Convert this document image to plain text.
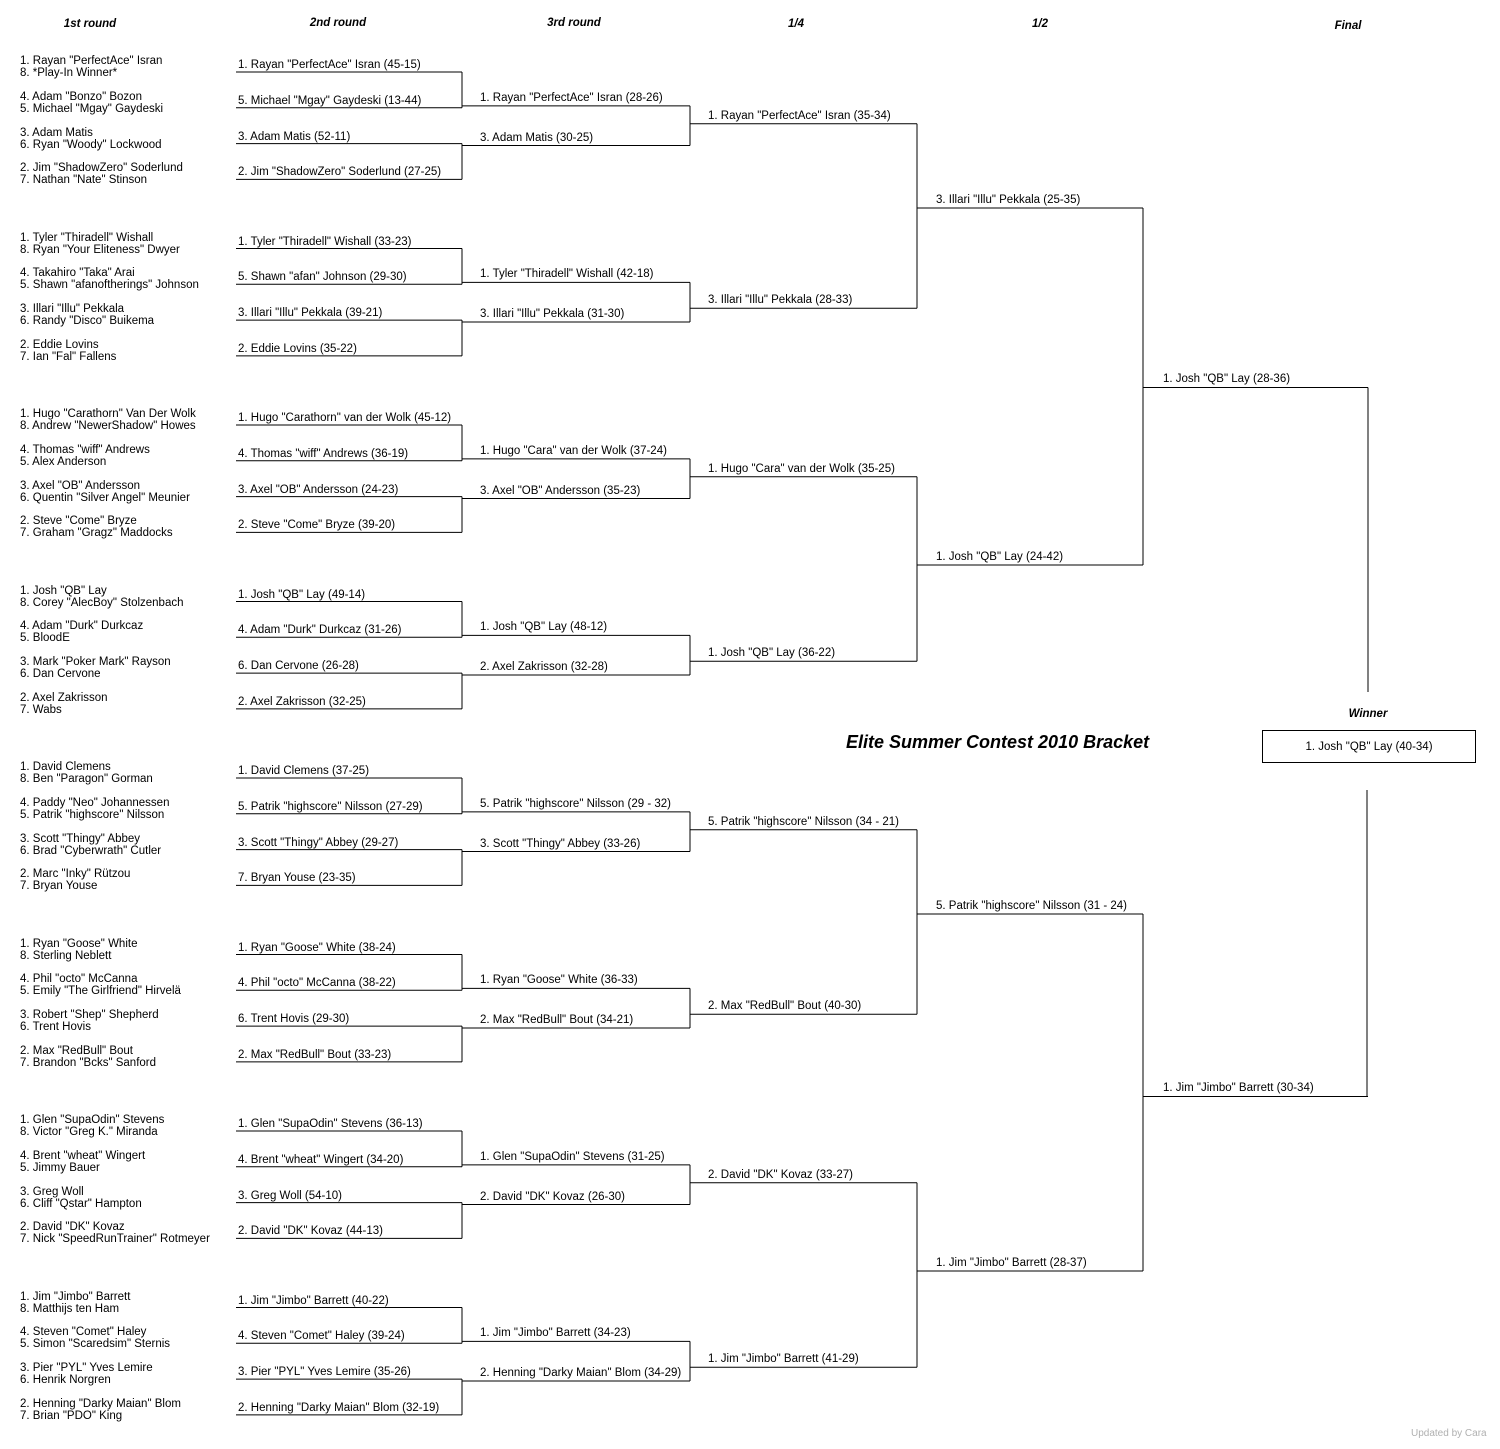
1st round	2nd round	3rd round	1/4	1/2	Final
Elite Summer Contest 2010 Bracket
Winner
1. Josh "QB" Lay (40-34)
Updated by Cara
1. Rayan "PerfectAce" Isran
8. *Play-In Winner*
4. Adam "Bonzo" Bozon
5. Michael "Mgay" Gaydeski
3. Adam Matis
6. Ryan "Woody" Lockwood
2. Jim "ShadowZero" Soderlund
7. Nathan "Nate" Stinson
1. Tyler "Thiradell" Wishall
8. Ryan "Your Eliteness" Dwyer
4. Takahiro "Taka" Arai
5. Shawn "afanoftherings" Johnson
3. Illari "Illu" Pekkala
6. Randy "Disco" Buikema
2. Eddie Lovins
7. Ian "Fal" Fallens
1. Hugo "Carathorn" Van Der Wolk
8. Andrew "NewerShadow" Howes
4. Thomas "wiff" Andrews
5. Alex Anderson
3. Axel "OB" Andersson
6. Quentin "Silver Angel" Meunier
2. Steve "Come" Bryze
7. Graham "Gragz" Maddocks
1. Josh "QB" Lay
8. Corey "AlecBoy" Stolzenbach
4. Adam "Durk" Durkcaz
5. BloodE
3. Mark "Poker Mark" Rayson
6. Dan Cervone
2. Axel Zakrisson
7. Wabs
1. David Clemens
8. Ben "Paragon" Gorman
4. Paddy "Neo" Johannessen
5. Patrik "highscore" Nilsson
3. Scott "Thingy" Abbey
6. Brad "Cyberwrath" Cutler
2. Marc "Inky" Rützou
7. Bryan Youse
1. Ryan "Goose" White
8. Sterling Neblett
4. Phil "octo" McCanna
5. Emily "The Girlfriend" Hirvelä
3. Robert "Shep" Shepherd
6. Trent Hovis
2. Max "RedBull" Bout
7. Brandon "Bcks" Sanford
1. Glen "SupaOdin" Stevens
8. Victor "Greg K." Miranda
4. Brent "wheat" Wingert
5. Jimmy Bauer
3. Greg Woll
6. Cliff "Qstar" Hampton
2. David "DK" Kovaz
7. Nick "SpeedRunTrainer" Rotmeyer
1. Jim "Jimbo" Barrett
8. Matthijs ten Ham
4. Steven "Comet" Haley
5. Simon "Scaredsim" Sternis
3. Pier "PYL" Yves Lemire
6. Henrik Norgren
2. Henning "Darky Maian" Blom
7. Brian "PDO" King
1. Rayan "PerfectAce" Isran (45-15)
5. Michael "Mgay" Gaydeski (13-44)
3. Adam Matis (52-11)
2. Jim "ShadowZero" Soderlund (27-25)
1. Tyler "Thiradell" Wishall (33-23)
5. Shawn "afan" Johnson (29-30)
3. Illari "Illu" Pekkala (39-21)
2. Eddie Lovins (35-22)
1. Hugo "Carathorn" van der Wolk (45-12)
4. Thomas "wiff" Andrews (36-19)
3. Axel "OB" Andersson (24-23)
2. Steve "Come" Bryze (39-20)
1. Josh "QB" Lay (49-14)
4. Adam "Durk" Durkcaz (31-26)
6. Dan Cervone (26-28)
2. Axel Zakrisson (32-25)
1. David Clemens (37-25)
5. Patrik "highscore" Nilsson (27-29)
3. Scott "Thingy" Abbey (29-27)
7. Bryan Youse (23-35)
1. Ryan "Goose" White (38-24)
4. Phil "octo" McCanna (38-22)
6. Trent Hovis (29-30)
2. Max "RedBull" Bout (33-23)
1. Glen "SupaOdin" Stevens (36-13)
4. Brent "wheat" Wingert (34-20)
3. Greg Woll (54-10)
2. David "DK" Kovaz (44-13)
1. Jim "Jimbo" Barrett (40-22)
4. Steven "Comet" Haley (39-24)
3. Pier "PYL" Yves Lemire (35-26)
2. Henning "Darky Maian" Blom (32-19)
1. Rayan "PerfectAce" Isran (28-26)
3. Adam Matis (30-25)
1. Tyler "Thiradell" Wishall (42-18)
3. Illari "Illu" Pekkala (31-30)
1. Hugo "Cara" van der Wolk (37-24)
3. Axel "OB" Andersson (35-23)
1. Josh "QB" Lay (48-12)
2. Axel Zakrisson (32-28)
5. Patrik "highscore" Nilsson (29 - 32)
3. Scott "Thingy" Abbey (33-26)
1. Ryan "Goose" White (36-33)
2. Max "RedBull" Bout (34-21)
1. Glen "SupaOdin" Stevens (31-25)
2. David "DK" Kovaz (26-30)
1. Jim "Jimbo" Barrett (34-23)
2. Henning "Darky Maian" Blom (34-29)
1. Rayan "PerfectAce" Isran (35-34)
3. Illari "Illu" Pekkala (28-33)
1. Hugo "Cara" van der Wolk (35-25)
1. Josh "QB" Lay (36-22)
5. Patrik "highscore" Nilsson (34 - 21)
2. Max "RedBull" Bout (40-30)
2. David "DK" Kovaz (33-27)
1. Jim "Jimbo" Barrett (41-29)
3. Illari "Illu" Pekkala (25-35)
1. Josh "QB" Lay (24-42)
5. Patrik "highscore" Nilsson (31 - 24)
1. Jim "Jimbo" Barrett (28-37)
1. Josh "QB" Lay (28-36)
1. Jim "Jimbo" Barrett (30-34)
